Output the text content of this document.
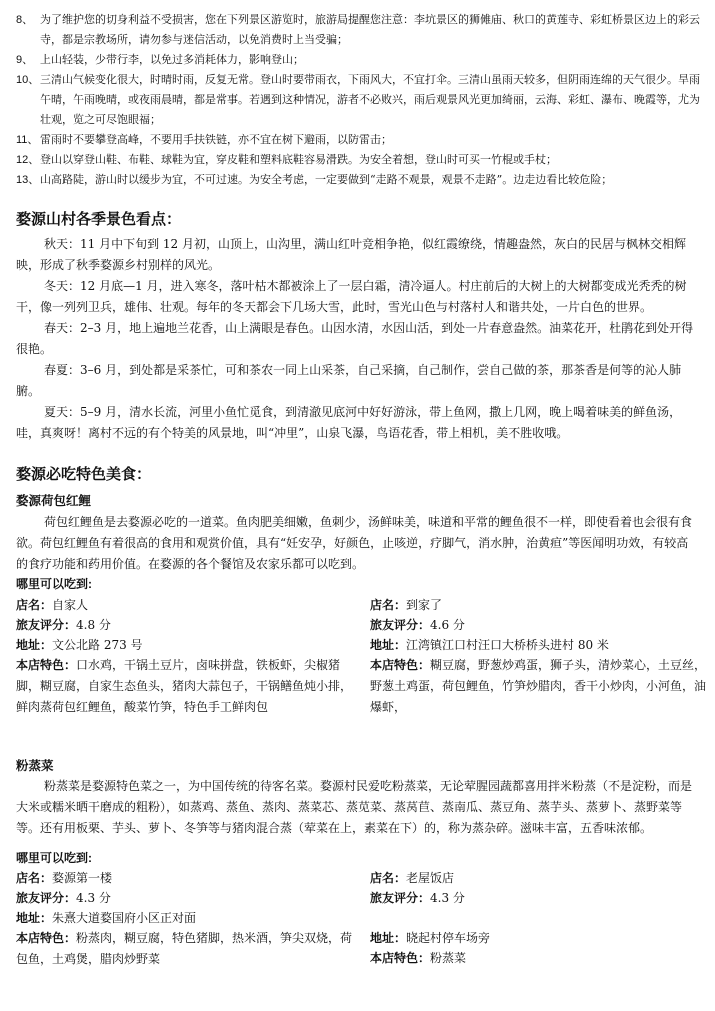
8、 为了维护您的切身利益不受损害，您在下列景区游览时，旅游局提醒您注意：李坑景区的狮傩庙、秋口的黄莲寺、彩虹桥景区边上的彩云寺，都是宗教场所，请勿参与迷信活动，以免消费时上当受骗；
9、 上山轻装，少带行李，以免过多消耗体力，影响登山；
10、 三清山气候变化很大，时晴时雨，反复无常。登山时要带雨衣，下雨风大，不宜打伞。三清山虽雨天较多，但阴雨连绵的天气很少。旱雨午晴，午雨晚晴，或夜雨晨晴，都是常事。若遇到这种情况，游者不必败兴，雨后观景风光更加绮丽，云海、彩虹、瀑布、晚霞等，尤为壮观，览之可尽饱眼福；
11、 雷雨时不要攀登高峰，不要用手扶铁链，亦不宜在树下避雨，以防雷击；
12、 登山以穿登山鞋、布鞋、球鞋为宜，穿皮鞋和塑料底鞋容易滑跌。为安全着想，登山时可买一竹棍或手杖；
13、 山高路陡，游山时以缓步为宜，不可过速。为安全考虑，一定要做到“走路不观景，观景不走路”。边走边看比较危险；
婺源山村各季景色看点：
秋天：11 月中下旬到 12 月初，山顶上，山沟里，满山红叶竞相争艳，似红霞缭绕，情趣盎然，灰白的民居与枫林交相辉映，形成了秋季婺源乡村别样的风光。
冬天：12 月底—1 月，进入寒冬，落叶枯木都被涂上了一层白霜，清冷逼人。村庄前后的大树上的大树都变成光秃秃的树干，像一列列卫兵，雄伟、壮观。每年的冬天都会下几场大雪，此时，雪光山色与村落村人和谐共处，一片白色的世界。
春天：2–3 月，地上遍地兰花香，山上满眼是春色。山因水清，水因山活，到处一片春意盎然。油菜花开，杜鹃花到处开得很艳。
春夏：3–6 月，到处都是采茶忙，可和茶农一同上山采茶，自己采摘，自己制作，尝自己做的茶，那茶香是何等的沁人肺腑。
夏天：5–9 月，清水长流，河里小鱼忙觅食，到清澈见底河中好好游泳，带上鱼网，撒上几网，晚上喝着味美的鲜鱼汤，哇，真爽呀！离村不远的有个特美的风景地，叫“冲里”，山泉飞瀑，鸟语花香，带上相机，美不胜收哦。
婺源必吃特色美食：
婺源荷包红鲤
荷包红鲤鱼是去婺源必吃的一道菜。鱼肉肥美细嫩，鱼刺少，汤鲜味美，味道和平常的鲤鱼很不一样，即使看着也会很有食欲。荷包红鲤鱼有着很高的食用和观赏价值，具有“妊安孕，好颜色，止咳逆，疗脚气，消水肿，治黄疸”等医闻明功效，有较高的食疗功能和药用价值。在婺源的各个餐馆及农家乐都可以吃到。
哪里可以吃到:
店名：自家人
旅友评分：4.8 分
地址：文公北路 273 号
本店特色：口水鸡，干锅土豆片，卤味拼盘，铁板虾，尖椒猪脚，糊豆腐，自家生态鱼头，猪肉大蒜包子，干锅鳝鱼炖小排，鲜肉蒸荷包红鲤鱼，酸菜竹笋，特色手工鲜肉包
店名：到家了
旅友评分：4.6 分
地址：江湾镇江口村汪口大桥桥头进村 80 米
本店特色：糊豆腐，野葱炒鸡蛋，狮子头，清炒菜心，土豆丝，野葱土鸡蛋，荷包鲤鱼，竹笋炒腊肉，香干小炒肉，小河鱼，油爆虾，
粉蒸菜
粉蒸菜是婺源特色菜之一，为中国传统的待客名菜。婺源村民爱吃粉蒸菜，无论荤腥园蔬都喜用拌米粉蒸（不是淀粉，而是大米或糯米晒干磨成的粗粉），如蒸鸡、蒸鱼、蒸肉、蒸菜芯、蒸苋菜、蒸莴苣、蒸南瓜、蒸豆角、蒸芋头、蒸萝卜、蒸野菜等等。还有用板栗、芋头、萝卜、冬笋等与猪肉混合蒸（荤菜在上，素菜在下）的，称为蒸杂碎。滋味丰富，五香味浓郁。
哪里可以吃到:
店名：婺源第一楼
旅友评分：4.3 分
地址：朱熹大道婺国府小区正对面
本店特色：粉蒸肉，糊豆腐，特色猪脚，热米酒，笋尖双烧，荷包鱼，土鸡煲，腊肉炒野菜
店名：老屋饭店
旅友评分：4.3 分
地址：晓起村停车场旁
本店特色：粉蒸菜
